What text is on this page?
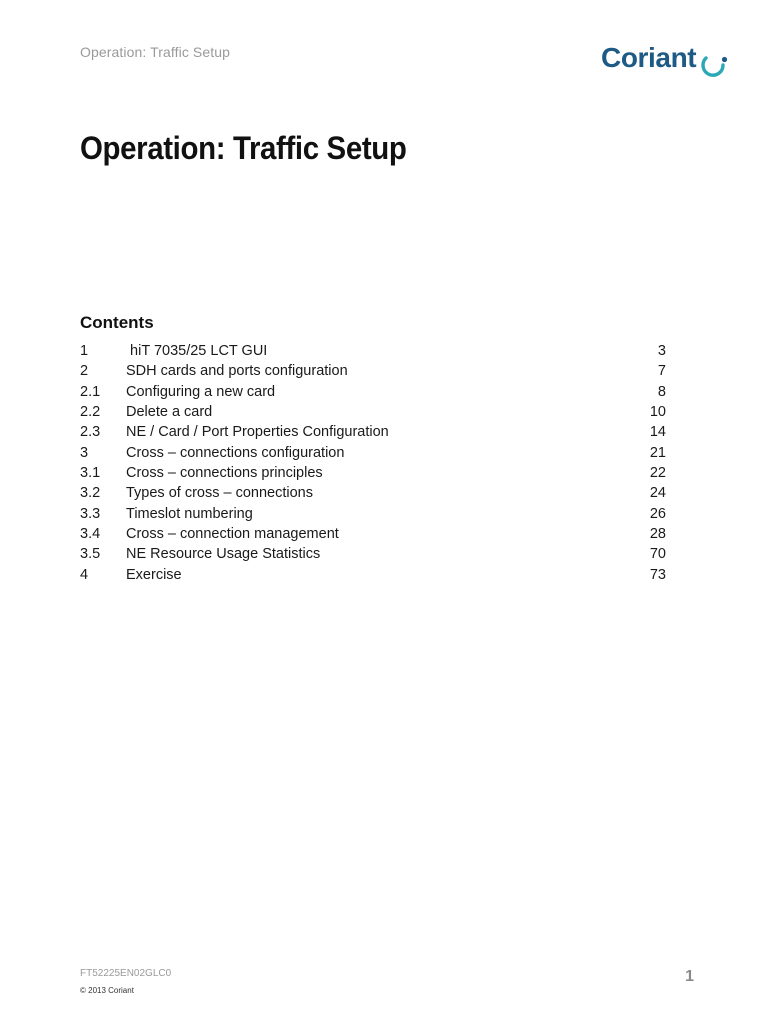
Operation: Traffic Setup	Coriant
Operation: Traffic Setup
Contents
1	hiT 7035/25 LCT GUI	3
2	SDH cards and ports configuration	7
2.1 Configuring a new card	8
2.2 Delete a card	10
2.3 NE / Card / Port Properties Configuration	14
3	Cross – connections configuration	21
3.1 Cross – connections principles	22
3.2 Types of cross – connections	24
3.3 Timeslot numbering	26
3.4 Cross – connection management	28
3.5 NE Resource Usage Statistics	70
4	Exercise	73
FT52225EN02GLC0
© 2013 Coriant
1
